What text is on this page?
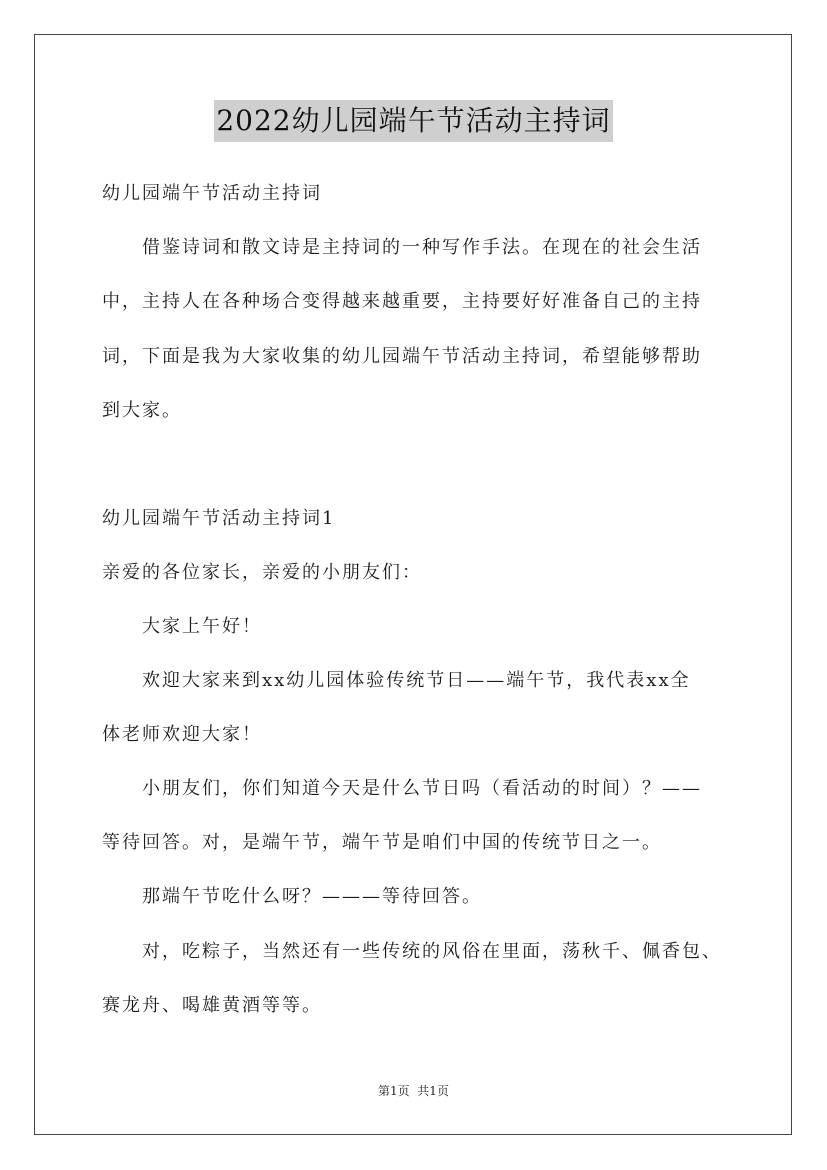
2022幼儿园端午节活动主持词
幼儿园端午节活动主持词
借鉴诗词和散文诗是主持词的一种写作手法。在现在的社会生活
中，主持人在各种场合变得越来越重要，主持要好好准备自己的主持
词，下面是我为大家收集的幼儿园端午节活动主持词，希望能够帮助
到大家。
幼儿园端午节活动主持词1
亲爱的各位家长，亲爱的小朋友们：
大家上午好！
欢迎大家来到xx幼儿园体验传统节日——端午节，我代表xx全
体老师欢迎大家！
小朋友们，你们知道今天是什么节日吗（看活动的时间）？——
等待回答。对，是端午节，端午节是咱们中国的传统节日之一。
那端午节吃什么呀？———等待回答。
对，吃粽子，当然还有一些传统的风俗在里面，荡秋千、佩香包、
赛龙舟、喝雄黄酒等等。
第1页  共1页
